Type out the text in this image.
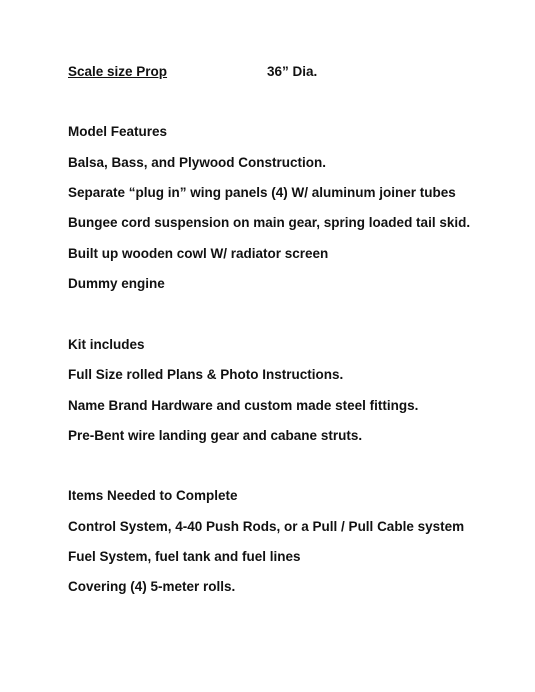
Scale size Prop	36” Dia.
Model Features
Balsa, Bass, and Plywood Construction.
Separate “plug in” wing panels (4) W/ aluminum joiner tubes
Bungee cord suspension on main gear, spring loaded tail skid.
Built up wooden cowl W/ radiator screen
Dummy engine
Kit includes
Full Size rolled Plans & Photo Instructions.
Name Brand Hardware and custom made steel fittings.
Pre-Bent wire landing gear and cabane struts.
Items Needed to Complete
Control System, 4-40 Push Rods, or a Pull / Pull Cable system
Fuel System, fuel tank and fuel lines
Covering (4) 5-meter rolls.
